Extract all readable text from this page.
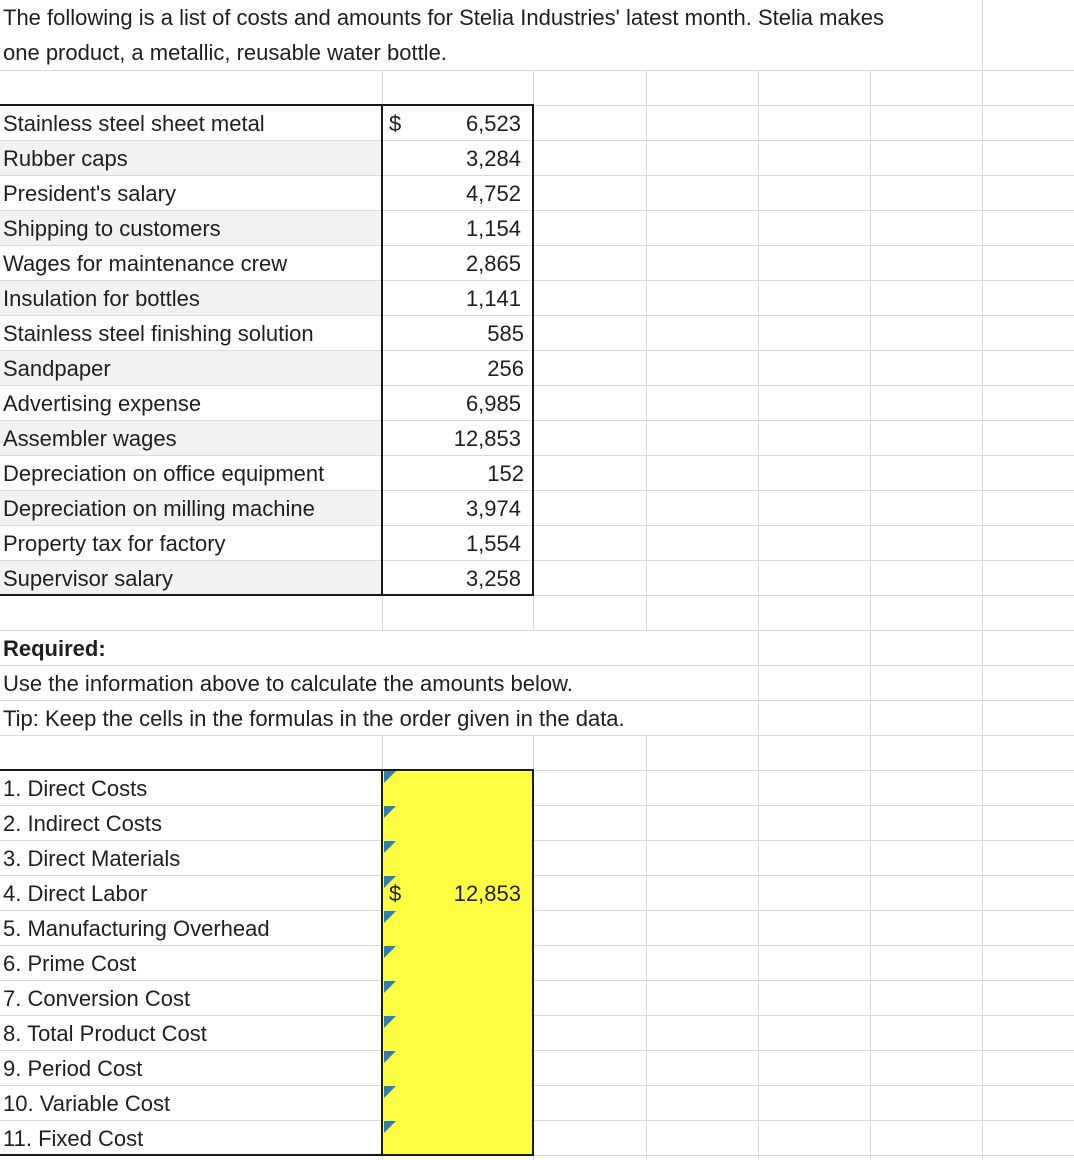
The following is a list of costs and amounts for Stelia Industries' latest month. Stelia makes
one product, a metallic, reusable water bottle.
Stainless steel sheet metal
Rubber caps
President's salary
Shipping to customers
Wages for maintenance crew
Insulation for bottles
Stainless steel finishing solution
Sandpaper
Advertising expense
Assembler wages
Depreciation on office equipment
Depreciation on milling machine
Property tax for factory
Supervisor salary
$	6,523
3,284
4,752
1,154
2,865
1,141
585
256
6,985
12,853
152
3,974
1,554
3,258
Required:
Use the information above to calculate the amounts below.
Tip: Keep the cells in the formulas in the order given in the data.
1. Direct Costs
2. Indirect Costs
3. Direct Materials
4. Direct Labor
5. Manufacturing Overhead
6. Prime Cost
7. Conversion Cost
8. Total Product Cost
9. Period Cost
10. Variable Cost
11. Fixed Cost
$	12,853
